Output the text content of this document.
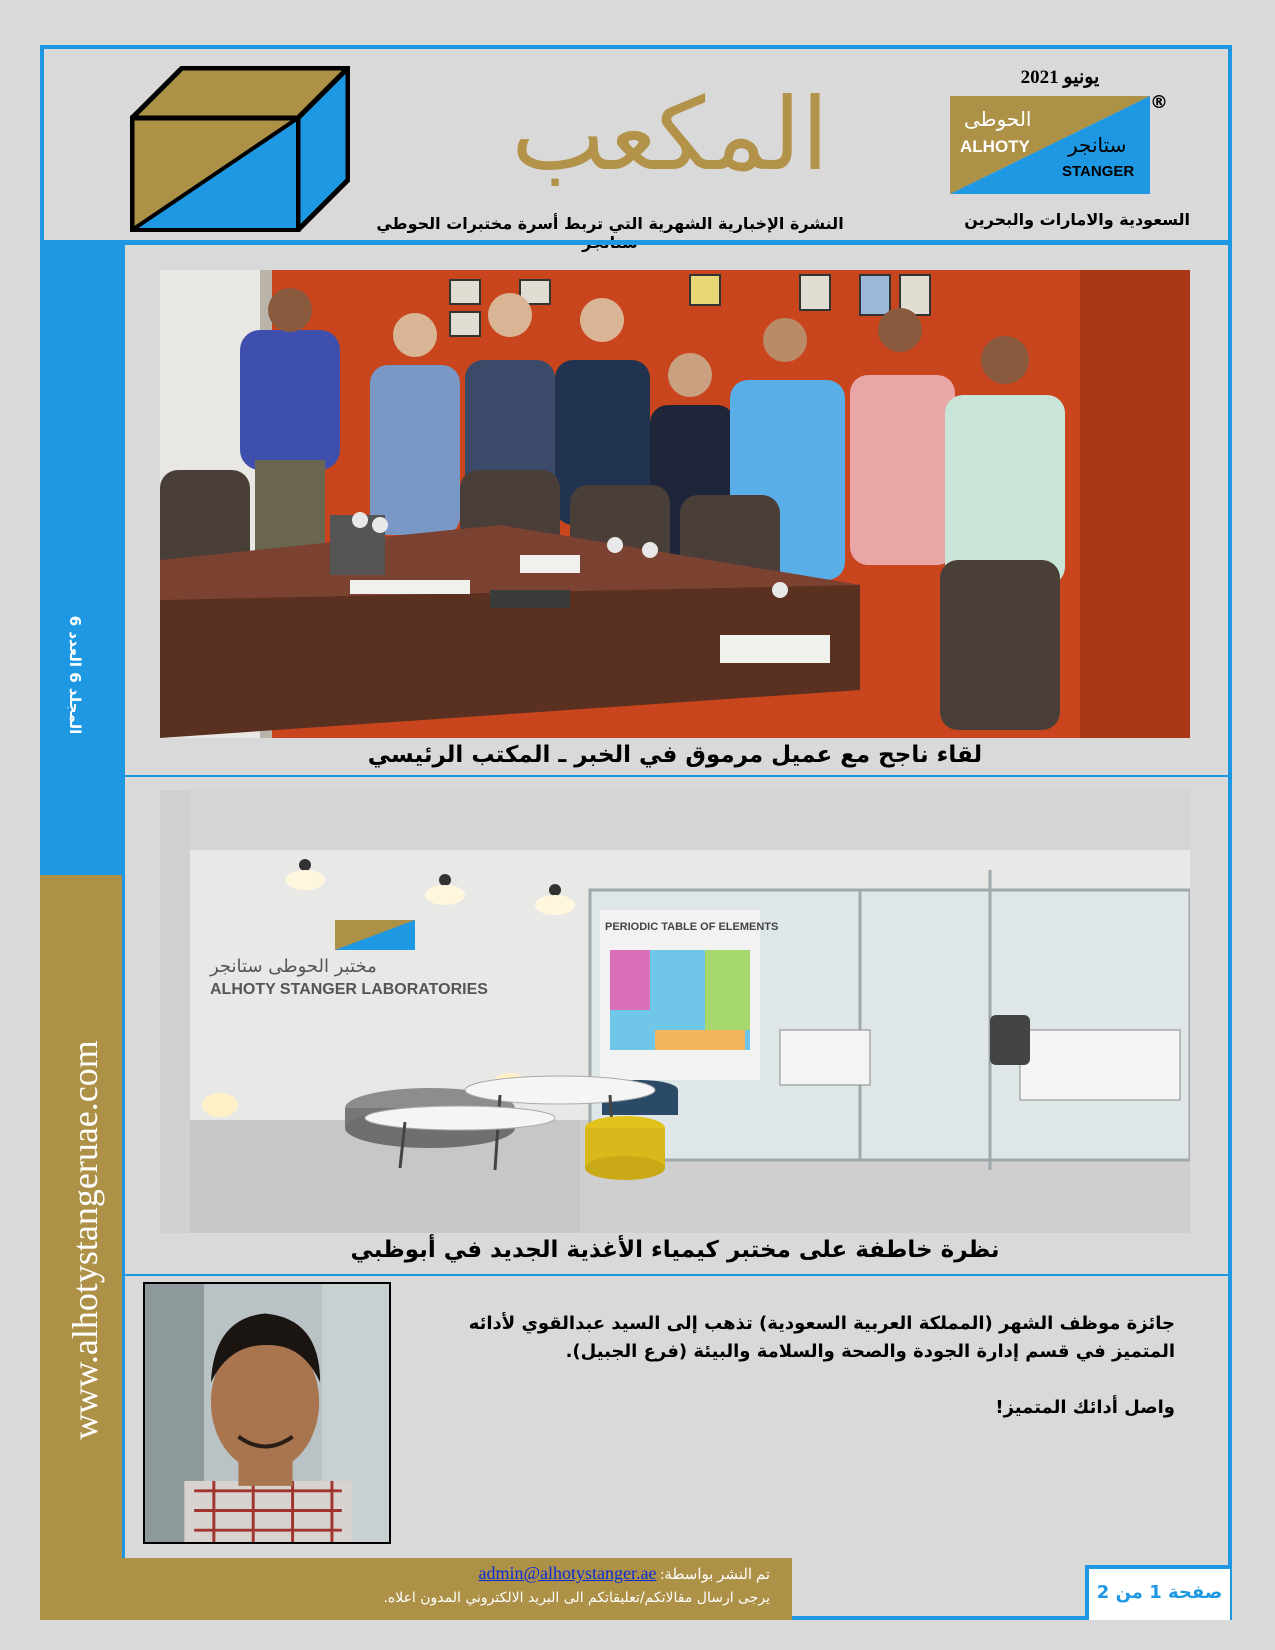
المكعب
النشرة الإخبارية الشهرية التي تربط أسرة مختبرات الحوطي
يونيو 2021
الحوطى
ALHOTY ستانجر
STANGER
®
السعودية والامارات والبحرين
المجلد 6 العدد 6
www.alhotystangeruae.com
لقاء ناجح مع عميل مرموق في الخبر ـ المكتب الرئيسي
PERIODIC TABLE OF ELEMENTS
مختبر الحوطى ستانجر
ALHOTY STANGER LABORATORIES
نظرة خاطفة على مختبر كيمياء الأغذية الجديد في أبوظبي

جائزة موظف الشهر (المملكة العربية السعودية) تذهب إلى السيد عبدالقوي لأدائه المتميز في قسم إدارة الجودة والصحة والسلامة والبيئة (فرع الجبيل).

واصل أدائك المتميز!

تم النشر بواسطة: admin@alhotystanger.ae
يرجى ارسال مقالاتكم/تعليقاتكم الى البريد الالكتروني المدون اعلاه.	صفحة 1 من 2
